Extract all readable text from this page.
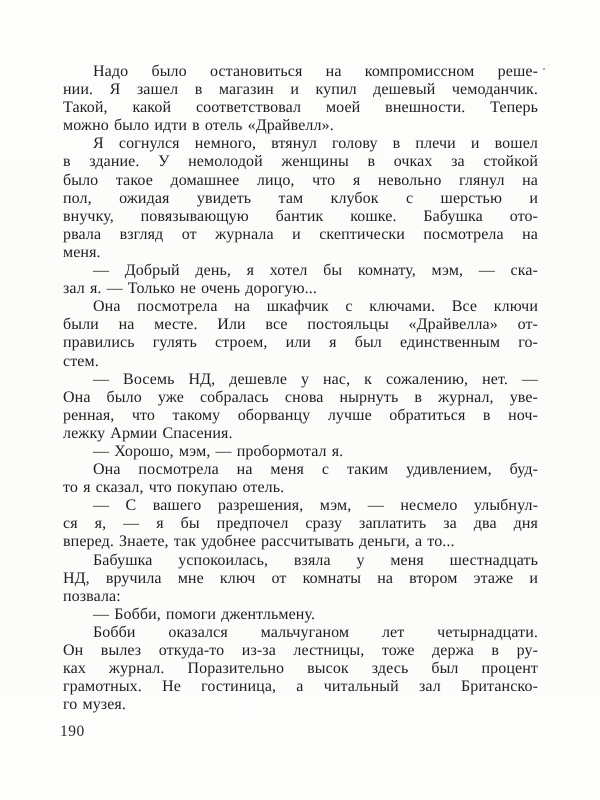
Надо было остановиться на компромиссном реше-
нии. Я зашел в магазин и купил дешевый чемоданчик.
Такой, какой соответствовал моей внешности. Теперь
можно было идти в отель «Драйвелл».
Я согнулся немного, втянул голову в плечи и вошел
в здание. У немолодой женщины в очках за стойкой
было такое домашнее лицо, что я невольно глянул на
пол, ожидая увидеть там клубок с шерстью и
внучку, повязывающую бантик кошке. Бабушка ото-
рвала взгляд от журнала и скептически посмотрела на
меня.
— Добрый день, я хотел бы комнату, мэм, — ска-
зал я. — Только не очень дорогую...
Она посмотрела на шкафчик с ключами. Все ключи
были на месте. Или все постояльцы «Драйвелла» от-
правились гулять строем, или я был единственным го-
стем.
— Восемь НД, дешевле у нас, к сожалению, нет. —
Она было уже собралась снова нырнуть в журнал, уве-
ренная, что такому оборванцу лучше обратиться в ноч-
лежку Армии Спасения.
— Хорошо, мэм, — пробормотал я.
Она посмотрела на меня с таким удивлением, буд-
то я сказал, что покупаю отель.
— С вашего разрешения, мэм, — несмело улыбнул-
ся я, — я бы предпочел сразу заплатить за два дня
вперед. Знаете, так удобнее рассчитывать деньги, а то...
Бабушка успокоилась, взяла у меня шестнадцать
НД, вручила мне ключ от комнаты на втором этаже и
позвала:
— Бобби, помоги джентльмену.
Бобби оказался мальчуганом лет четырнадцати.
Он вылез откуда-то из-за лестницы, тоже держа в ру-
ках журнал. Поразительно высок здесь был процент
грамотных. Не гостиница, а читальный зал Британско-
го музея.
190
